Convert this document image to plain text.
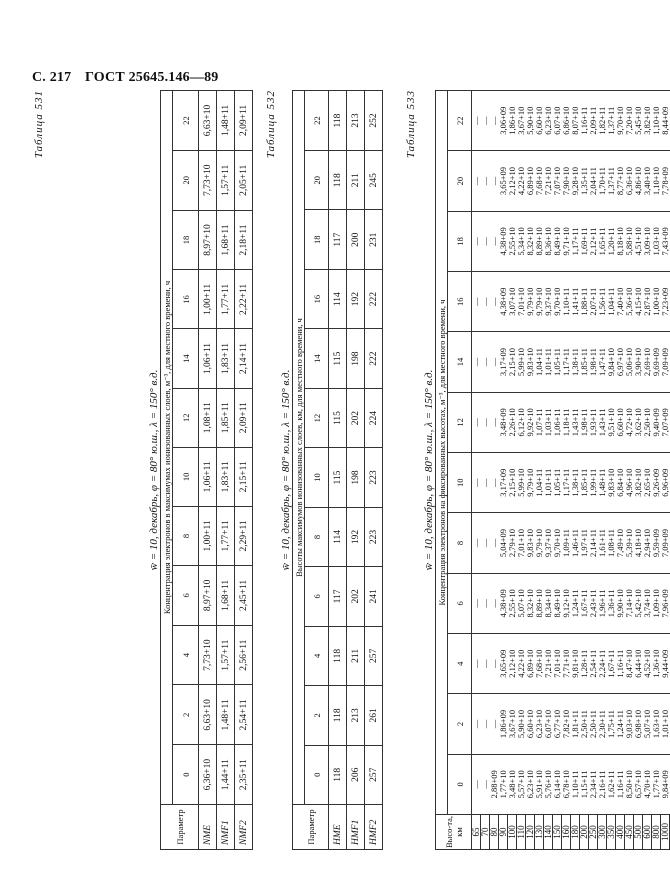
С. 217 ГОСТ 25645.146—89
Таблица 531
w̄ = 10, декабрь, φ = 80° ю.ш., λ = 150° в.д.
Параметр	Концентрация электронов в максимумах ионизованных слоев, м⁻³, для местного времени, ч											
	0	2	4	6	8	10	12	14	16	18	20	22
NME	6,36+10	6,63+10	7,73+10	8,97+10	1,00+11	1,06+11	1,08+11	1,06+11	1,00+11	8,97+10	7,73+10	6,63+10
NMF1	1,44+11	1,48+11	1,57+11	1,68+11	1,77+11	1,83+11	1,85+11	1,83+11	1,77+11	1,68+11	1,57+11	1,48+11
NMF2	2,35+11	2,54+11	2,56+11	2,45+11	2,29+11	2,15+11	2,09+11	2,14+11	2,22+11	2,18+11	2,05+11	2,09+11 Таблица 532
w̄ = 10, декабрь, φ = 80° ю.ш., λ = 150° в.д.
Параметр	Высоты максимумов ионизованных слоев, км, для местного времени, ч											
	0	2	4	6	8	10	12	14	16	18	20	22
HME	118	118	118	117	114	115	115	115	114	117	118	118
HMF1	206	213	211	202	192	198	202	198	192	200	211	213
HMF2	257	261	257	241	223	223	224	222	222	231	245	252 Таблица 533
w̄ = 10, декабрь, φ = 80° ю.ш., λ = 150° в.д.
Высо-та, км	Концентрация электронов на фиксированных высотах, м⁻³, для местного времени, ч											
	0	2	4	6	8	10	12	14	16	18	20	22
65	—	—	—	—	—	—	—	—	—	—	—	—
70	—	—	—	—	—	—	—	—	—	—	—	—
80	2,88+09	—	—	—	—	—	—	—	—	—	—	—
90	1,77+10	1,86+09	3,65+09	4,38+09	5,04+09	3,17+09	3,48+09	3,17+09	4,38+09	4,38+09	3,65+09	3,06+09
100	3,48+10	3,67+10	2,12+10	2,55+10	2,79+10	2,15+10	2,26+10	2,15+10	3,07+10	2,55+10	2,12+10	1,86+10
110	5,57+10	5,90+10	4,22+10	5,07+10	7,01+10	5,99+10	6,12+10	5,99+10	7,01+10	5,34+10	4,22+10	3,67+10
120	6,23+10	6,60+10	6,89+10	8,32+10	9,83+10	9,79+10	9,92+10	9,83+10	9,79+10	8,32+10	6,89+10	5,90+10
130	5,91+10	6,23+10	7,68+10	8,89+10	9,79+10	1,04+11	1,07+11	1,04+11	9,79+10	8,89+10	7,68+10	6,60+10
140	5,76+10	6,07+10	7,21+10	8,34+10	9,37+10	1,01+11	1,03+11	1,01+11	9,37+10	8,36+10	7,21+10	6,23+10
150	6,14+10	6,77+10	7,01+10	8,49+10	9,70+10	1,05+11	1,06+11	1,05+11	9,70+10	8,49+10	7,07+10	6,07+10
160	6,78+10	7,82+10	7,71+10	9,12+10	1,09+11	1,17+11	1,18+11	1,17+11	1,10+11	9,71+10	7,90+10	6,86+10
180	1,10+11	1,81+11	9,81+10	1,24+11	1,46+11	1,38+11	1,43+11	1,38+11	1,41+11	1,17+11	9,28+10	8,07+10
200	1,15+11	2,50+11	1,28+11	1,67+11	1,97+11	1,85+11	1,98+11	1,85+11	1,88+11	1,69+11	1,35+11	1,16+11
250	2,34+11	2,50+11	2,54+11	2,43+11	2,14+11	1,99+11	1,93+11	1,98+11	2,07+11	2,12+11	2,04+11	2,09+11
300	2,16+11	2,30+11	2,24+11	1,96+11	1,61+11	1,48+11	1,43+11	1,47+11	1,56+11	1,65+11	1,70+11	1,82+11
350	1,62+11	1,75+11	1,67+11	1,36+11	1,08+11	9,83+10	9,51+10	9,84+10	1,04+11	1,20+11	1,37+11	1,37+11
400	1,16+11	1,24+11	1,16+11	9,90+10	7,49+10	6,84+10	6,60+10	6,97+10	7,40+10	8,18+10	8,77+10	9,70+10
450	8,50+10	9,03+10	8,47+10	7,14+10	5,39+10	4,96+10	4,72+10	5,06+10	5,36+10	5,88+10	6,36+10	7,20+10
500	6,57+10	6,98+10	6,44+10	5,42+10	4,18+10	3,82+10	3,62+10	3,90+10	4,15+10	4,51+10	4,86+10	5,45+10
600	4,70+10	5,07+10	4,52+10	3,74+10	2,94+10	2,65+10	2,50+10	2,69+10	2,87+10	3,09+10	3,40+10	3,82+10
800	1,77+10	1,63+10	1,36+10	1,09+10	9,59+09	9,26+09	9,40+09	9,69+09	1,00+10	1,03+10	1,10+10	1,10+10
1000	9,84+09	1,01+10	9,44+09	7,96+09	7,09+09	6,96+09	7,07+09	7,09+09	7,23+09	7,43+09	7,78+09	8,44+09
